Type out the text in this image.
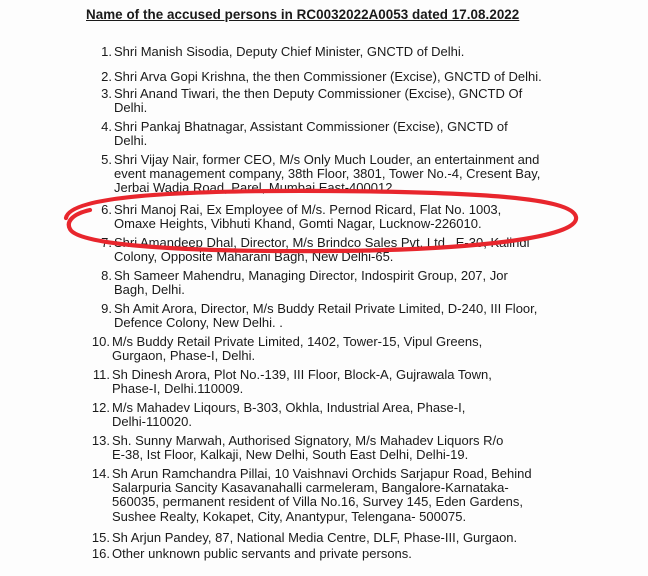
Name of the accused persons in RC0032022A0053 dated 17.08.2022
1. Shri Manish Sisodia, Deputy Chief Minister, GNCTD of Delhi.
2. Shri Arva Gopi Krishna, the then Commissioner (Excise), GNCTD of Delhi.
3. Shri Anand Tiwari, the then Deputy Commissioner (Excise), GNCTD Of
Delhi.
4. Shri Pankaj Bhatnagar, Assistant Commissioner (Excise), GNCTD of
Delhi.
5. Shri Vijay Nair, former CEO, M/s Only Much Louder, an entertainment and
event management company, 38th Floor, 3801, Tower No.-4, Cresent Bay,
Jerbai Wadia Road, Parel, Mumbai East-400012
6. Shri Manoj Rai, Ex Employee of M/s. Pernod Ricard, Flat No. 1003,
Omaxe Heights, Vibhuti Khand, Gomti Nagar, Lucknow-226010.
7. Shri Amandeep Dhal, Director, M/s Brindco Sales Pvt. Ltd., E-30, Kalindi
Colony, Opposite Maharani Bagh, New Delhi-65.
8. Sh Sameer Mahendru, Managing Director, Indospirit Group, 207, Jor
Bagh, Delhi.
9. Sh Amit Arora, Director, M/s Buddy Retail Private Limited, D-240, III Floor,
Defence Colony, New Delhi. .
10. M/s Buddy Retail Private Limited, 1402, Tower-15, Vipul Greens,
Gurgaon, Phase-I, Delhi.
11. Sh Dinesh Arora, Plot No.-139, III Floor, Block-A, Gujrawala Town,
Phase-I, Delhi.110009.
12. M/s Mahadev Liqours, B-303, Okhla, Industrial Area, Phase-I,
Delhi-110020.
13. Sh. Sunny Marwah, Authorised Signatory, M/s Mahadev Liquors R/o
E-38, Ist Floor, Kalkaji, New Delhi, South East Delhi, Delhi-19.
14. Sh Arun Ramchandra Pillai, 10 Vaishnavi Orchids Sarjapur Road, Behind
Salarpuria Sancity Kasavanahalli carmeleram, Bangalore-Karnataka-
560035, permanent resident of Villa No.16, Survey 145, Eden Gardens,
Sushee Realty, Kokapet, City, Anantypur, Telengana- 500075.
15. Sh Arjun Pandey, 87, National Media Centre, DLF, Phase-III, Gurgaon.
16. Other unknown public servants and private persons.
